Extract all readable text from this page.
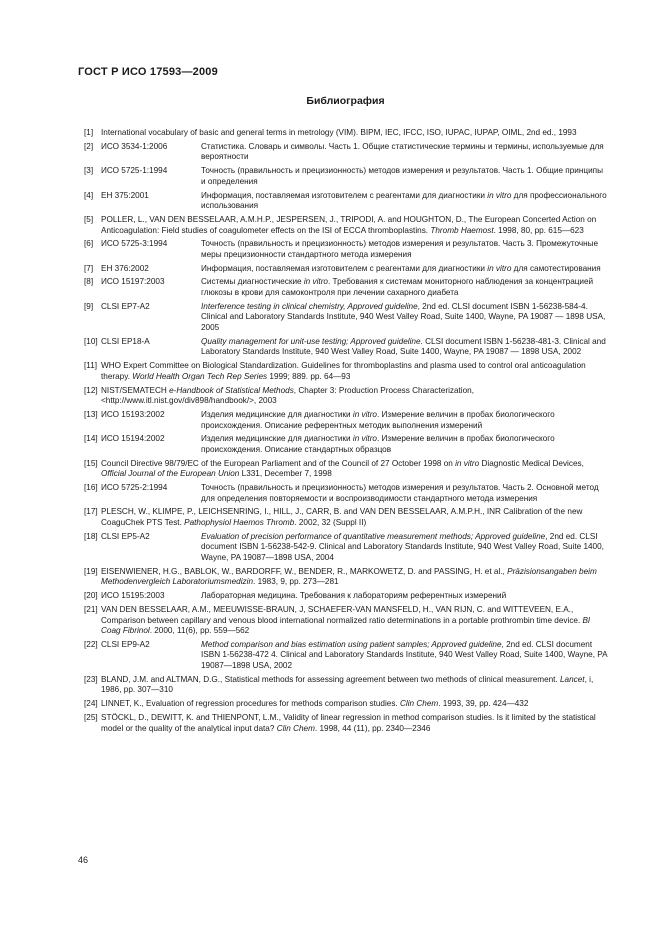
ГОСТ Р ИСО 17593—2009
Библиография
[1] International vocabulary of basic and general terms in metrology (VIM). BIPM, IEC, IFCC, ISO, IUPAC, IUPAP, OIML, 2nd ed., 1993
[2] ИСО 3534-1:2006	Статистика. Словарь и символы. Часть 1. Общие статистические термины и термины, используемые для вероятности
[3] ИСО 5725-1:1994	Точность (правильность и прецизионность) методов измерения и результатов. Часть 1. Общие принципы и определения
[4] ЕН 375:2001	Информация, поставляемая изготовителем с реагентами для диагностики in vitro для профессионального использования
[5] POLLER, L., VAN DEN BESSELAAR, A.M.H.P., JESPERSEN, J., TRIPODI, A. and HOUGHTON, D., The European Concerted Action on Anticoagulation: Field studies of coagulometer effects on the ISI of ECCA thromboplastins. Thromb Haemost. 1998, 80, pp. 615—623
[6] ИСО 5725-3:1994	Точность (правильность и прецизионность) методов измерения и результатов. Часть 3. Промежуточные меры прецизионности стандартного метода измерения
[7] ЕН 376:2002	Информация, поставляемая изготовителем с реагентами для диагностики in vitro для самотестирования
[8] ИСО 15197:2003	Системы диагностические in vitro. Требования к системам мониторного наблюдения за концентрацией глюкозы в крови для самоконтроля при лечении сахарного диабета
[9] CLSI EP7-A2	Interference testing in clinical chemistry, Approved guideline, 2nd ed. CLSI document ISBN 1-56238-584-4. Clinical and Laboratory Standards Institute, 940 West Valley Road, Suite 1400, Wayne, PA 19087 — 1898 USA, 2005
[10] CLSI EP18-A	Quality management for unit-use testing; Approved guideline. CLSI document ISBN 1-56238-481-3. Clinical and Laboratory Standards Institute, 940 West Valley Road, Suite 1400, Wayne, PA 19087 — 1898 USA, 2002
[11] WHO Expert Committee on Biological Standardization. Guidelines for thromboplastins and plasma used to control oral anticoagulation therapy. World Health Organ Tech Rep Series 1999; 889. pp. 64—93
[12] NIST/SEMATECH e-Handbook of Statistical Methods, Chapter 3: Production Process Characterization, <http://www.itl.nist.gov/div898/handbook/>, 2003
[13] ИСО 15193:2002	Изделия медицинские для диагностики in vitro. Измерение величин в пробах биологического происхождения. Описание референтных методик выполнения измерений
[14] ИСО 15194:2002	Изделия медицинские для диагностики in vitro. Измерение величин в пробах биологического происхождения. Описание стандартных образцов
[15] Council Directive 98/79/EC of the European Parliament and of the Council of 27 October 1998 on in vitro Diagnostic Medical Devices, Official Journal of the European Union L331, December 7, 1998
[16] ИСО 5725-2:1994	Точность (правильность и прецизионность) методов измерения и результатов. Часть 2. Основной метод для определения повторяемости и воспроизводимости стандартного метода измерения
[17] PLESCH, W., KLIMPE, P., LEICHSENRING, I., HILL, J., CARR, B. and VAN DEN BESSELAAR, A.M.P.H., INR Calibration of the new CoaguChek PTS Test. Pathophysiol Haemos Thromb. 2002, 32 (Suppl II)
[18] CLSI EP5-A2	Evaluation of precision performance of quantitative measurement methods; Approved guideline, 2nd ed. CLSI document ISBN 1-56238-542-9. Clinical and Laboratory Standards Institute, 940 West Valley Road, Suite 1400, Wayne, PA 19087—1898 USA, 2004
[19] EISENWIENER, H.G., BABLOK, W., BARDORFF, W., BENDER, R., MARKOWETZ, D. and PASSING, H. et al., Präzisionsangaben beim Methodenvergleich Laboratoriumsmedizin. 1983, 9, pp. 273—281
[20] ИСО 15195:2003	Лабораторная медицина. Требования к лабораториям референтных измерений
[21] VAN DEN BESSELAAR, A.M., MEEUWISSE-BRAUN, J, SCHAEFER-VAN MANSFELD, H., VAN RIJN, C. and WITTEVEEN, E.A., Comparison between capillary and venous blood international normalized ratio determinations in a portable prothrombin time device. Bl Coag Fibrinol. 2000, 11(6), pp. 559—562
[22] CLSI EP9-A2	Method comparison and bias estimation using patient samples; Approved guideline, 2nd ed. CLSI document ISBN 1-56238-472 4. Clinical and Laboratory Standards Institute, 940 West Valley Road, Suite 1400, Wayne, PA 19087—1898 USA, 2002
[23] BLAND, J.M. and ALTMAN, D.G., Statistical methods for assessing agreement between two methods of clinical measurement. Lancet, i, 1986, pp. 307—310
[24] LINNET, K., Evaluation of regression procedures for methods comparison studies. Clin Chem. 1993, 39, pp. 424—432
[25] STÖCKL, D., DEWITT, K. and THIENPONT, L.M., Validity of linear regression in method comparison studies. Is it limited by the statistical model or the quality of the analytical input data? Clin Chem. 1998, 44 (11), pp. 2340—2346
46
